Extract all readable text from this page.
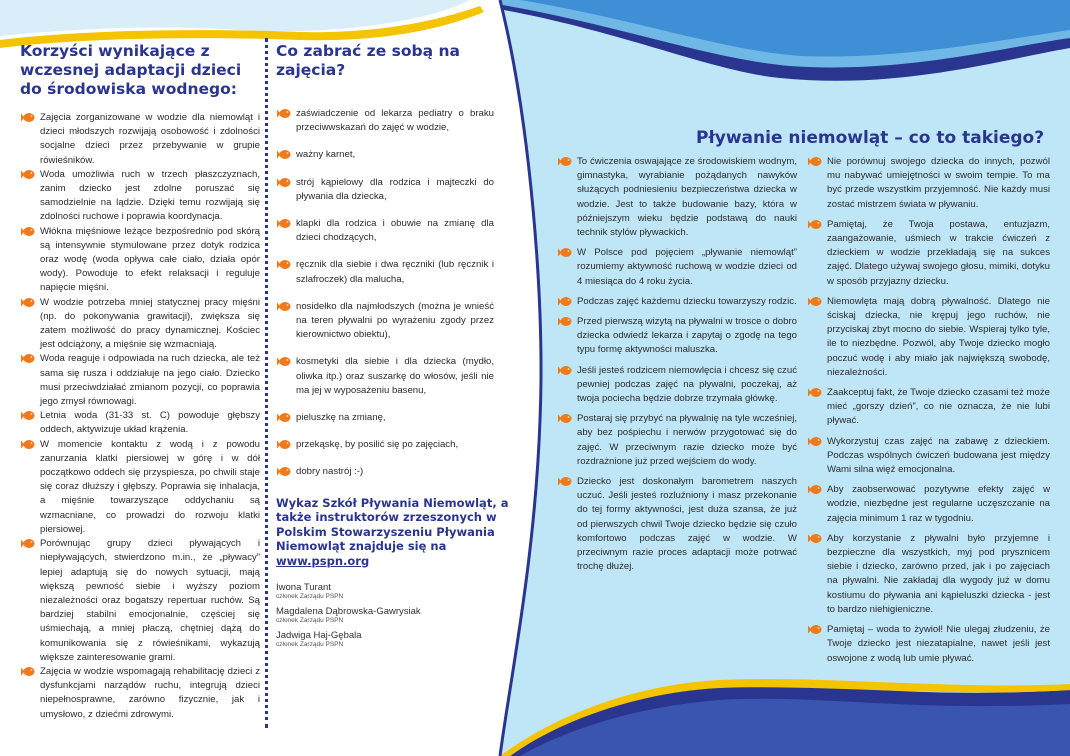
Korzyści wynikające z wczesnej adaptacji dzieci do środowiska wodnego:
Zajęcia zorganizowane w wodzie dla niemowląt i dzieci młodszych rozwijają osobowość i zdolności socjalne dzieci przez przebywanie w grupie rówieśników.
Woda umożliwia ruch w trzech płaszczyznach, zanim dziecko jest zdolne poruszać się samodzielnie na lądzie. Dzięki temu rozwijają się zdolności ruchowe i poprawia koordynacja.
Włókna mięśniowe leżące bezpośrednio pod skórą są intensywnie stymulowane przez dotyk rodzica oraz wodę (woda opływa całe ciało, działa opór wody). Powoduje to efekt relaksacji i reguluje napięcie mięśni.
W wodzie potrzeba mniej statycznej pracy mięśni (np. do pokonywania grawitacji), zwiększa się zatem możliwość do pracy dynamicznej. Kościec jest odciążony, a mięśnie się wzmacniają.
Woda reaguje i odpowiada na ruch dziecka, ale też sama się rusza i oddziałuje na jego ciało. Dziecko musi przeciwdziałać zmianom pozycji, co poprawia jego zmysł równowagi.
Letnia woda (31-33 st. C) powoduje głębszy oddech, aktywizuje układ krążenia.
W momencie kontaktu z wodą i z powodu zanurzania klatki piersiowej w górę i w dół początkowo oddech się przyspiesza, po chwili staje się coraz dłuższy i głębszy. Poprawia się inhalacja, a mięśnie towarzyszące oddychaniu są wzmacniane, co prowadzi do rozwoju klatki piersiowej.
Porównując grupy dzieci pływających i niepływających, stwierdzono m.in., że „pływacy” lepiej adaptują się do nowych sytuacji, mają większą pewność siebie i wyższy poziom niezależności oraz bogatszy repertuar ruchów. Są bardziej stabilni emocjonalnie, częściej się uśmiechają, a mniej płaczą, chętniej dążą do komunikowania się z rówieśnikami, wykazują większe zainteresowanie grami.
Zajęcia w wodzie wspomagają rehabilitację dzieci z dysfunkcjami narządów ruchu, integrują dzieci niepełnosprawne, zarówno fizycznie, jak i umysłowo, z dziećmi zdrowymi.
Co zabrać ze sobą na zajęcia?
zaświadczenie od lekarza pediatry o braku przeciwwskazań do zajęć w wodzie,
ważny karnet,
strój kąpielowy dla rodzica i majteczki do pływania dla dziecka,
klapki dla rodzica i obuwie na zmianę dla dzieci chodzących,
ręcznik dla siebie i dwa ręczniki (lub ręcznik i szlafroczek) dla malucha,
nosidełko dla najmłodszych (można je wnieść na teren pływalni po wyrażeniu zgody przez kierownictwo obiektu),
kosmetyki dla siebie i dla dziecka (mydło, oliwka itp.) oraz suszarkę do włosów, jeśli nie ma jej w wyposażeniu basenu,
pieluszkę na zmianę,
przekąskę, by posilić się po zajęciach,
dobry nastrój :-)
Wykaz Szkół Pływania Niemowląt, a także instruktorów zrzeszonych w Polskim Stowarzyszeniu Pływania Niemowląt znajduje się na www.pspn.org
Iwona Turant
członek Zarządu PSPN
Magdalena Dąbrowska-Gawrysiak
członek Zarządu PSPN
Jadwiga Haj-Gębala
członek Zarządu PSPN
Pływanie niemowląt – co to takiego?
To ćwiczenia oswajające ze środowiskiem wodnym, gimnastyka, wyrabianie pożądanych nawyków służących podniesieniu bezpieczeństwa dziecka w wodzie. Jest to także budowanie bazy, która w późniejszym wieku będzie podstawą do nauki technik stylów pływackich.
W Polsce pod pojęciem „pływanie niemowląt” rozumiemy aktywność ruchową w wodzie dzieci od 4 miesiąca do 4 roku życia.
Podczas zajęć każdemu dziecku towarzyszy rodzic.
Przed pierwszą wizytą na pływalni w trosce o dobro dziecka odwiedź lekarza i zapytaj o zgodę na tego typu formę aktywności maluszka.
Jeśli jesteś rodzicem niemowlęcia i chcesz się czuć pewniej podczas zajęć na pływalni, poczekaj, aż twoja pociecha będzie dobrze trzymała główkę.
Postaraj się przybyć na pływalnię na tyle wcześniej, aby bez pośpiechu i nerwów przygotować się do zajęć. W przeciwnym razie dziecko może być rozdrażnione już przed wejściem do wody.
Dziecko jest doskonałym barometrem naszych uczuć. Jeśli jesteś rozluźniony i masz przekonanie do tej formy aktywności, jest duża szansa, że już od pierwszych chwil Twoje dziecko będzie się czuło komfortowo podczas zajęć w wodzie. W przeciwnym razie proces adaptacji może potrwać trochę dłużej.
Nie porównuj swojego dziecka do innych, pozwól mu nabywać umiejętności w swoim tempie. To ma być przede wszystkim przyjemność. Nie każdy musi zostać mistrzem świata w pływaniu.
Pamiętaj, że Twoja postawa, entuzjazm, zaangażowanie, uśmiech w trakcie ćwiczeń z dzieckiem w wodzie przekładają się na sukces zajęć. Dlatego używaj swojego głosu, mimiki, dotyku w sposób przyjazny dziecku.
Niemowlęta mają dobrą pływalność. Dlatego nie ściskaj dziecka, nie krępuj jego ruchów, nie przyciskaj zbyt mocno do siebie. Wspieraj tylko tyle, ile to niezbędne. Pozwól, aby Twoje dziecko mogło poczuć wodę i aby miało jak największą swobodę, niezależności.
Zaakceptuj fakt, że Twoje dziecko czasami też może mieć „gorszy dzień”, co nie oznacza, że nie lubi pływać.
Wykorzystuj czas zajęć na zabawę z dzieckiem. Podczas wspólnych ćwiczeń budowana jest między Wami silna więź emocjonalna.
Aby zaobserwować pozytywne efekty zajęć w wodzie, niezbędne jest regularne uczęszczanie na zajęcia minimum 1 raz w tygodniu.
Aby korzystanie z pływalni było przyjemne i bezpieczne dla wszystkich, myj pod prysznicem siebie i dziecko, zarówno przed, jak i po zajęciach na pływalni. Nie zakładaj dla wygody już w domu kostiumu do pływania ani kąpieluszki dziecka - jest to bardzo niehigieniczne.
Pamiętaj – woda to żywioł! Nie ulegaj złudzeniu, że Twoje dziecko jest niezatapialne, nawet jeśli jest oswojone z wodą lub umie pływać.
